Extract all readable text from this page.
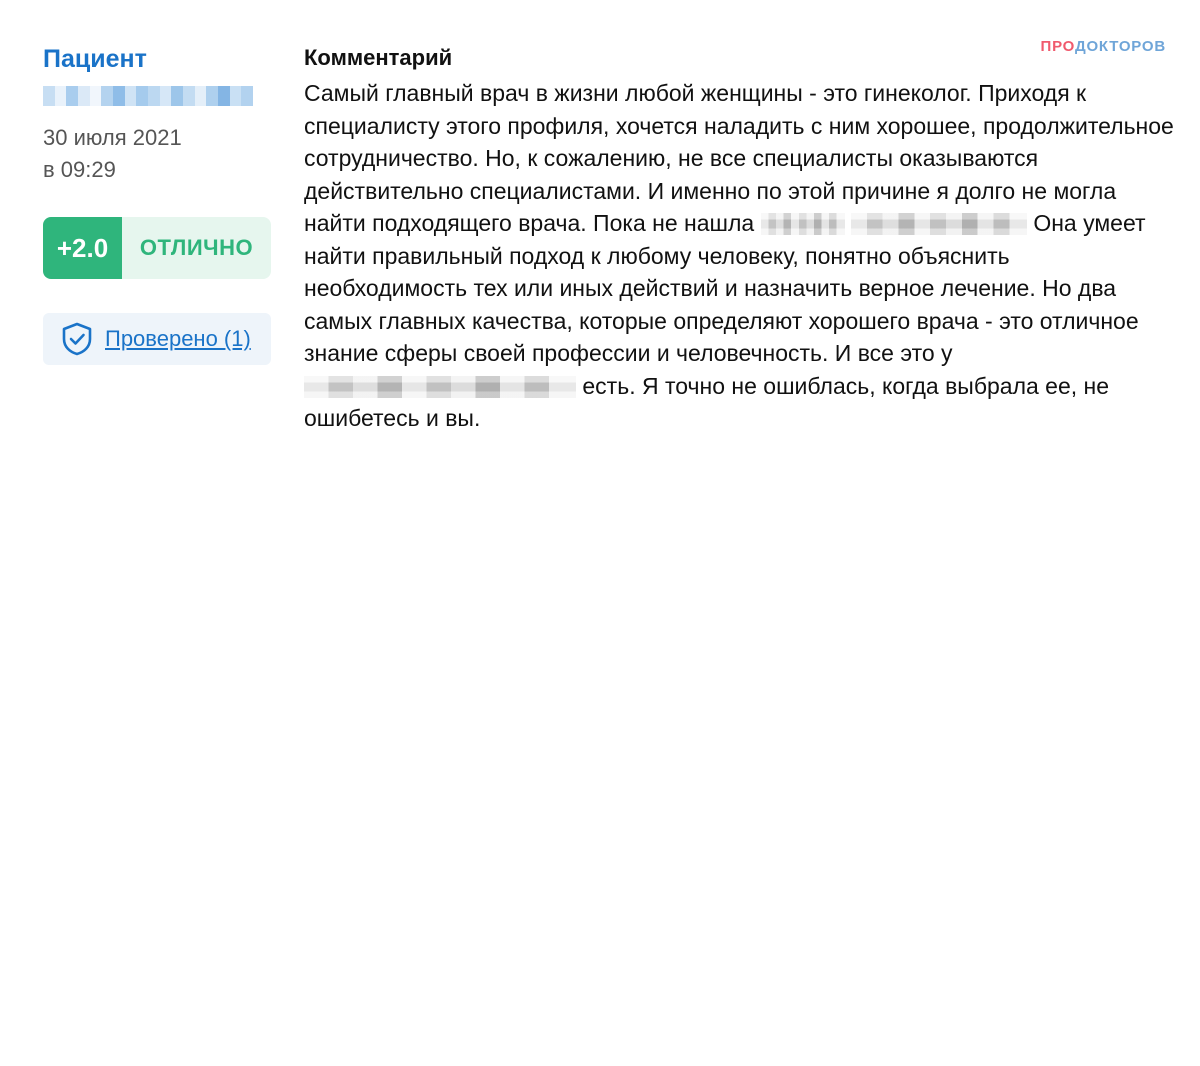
Пациент
30 июля 2021
в 09:29
+2.0	ОТЛИЧНО
Проверено (1)
ПРОДОКТОРОВ
Комментарий

Самый главный врач в жизни любой женщины - это гинеколог. Приходя к специалисту этого профиля, хочется наладить с ним хорошее, продолжительное сотрудничество. Но, к сожалению, не все специалисты оказываются действительно специалистами. И именно по этой причине я долго не могла найти подходящего врача. Пока не нашла	Она умеет найти правильный подход к любому человеку, понятно объяснить необходимость тех или иных действий и назначить верное лечение. Но два самых главных качества, которые определяют хорошего врача - это отличное знание сферы своей профессии и человечность. И все это у есть. Я точно не ошиблась, когда выбрала ее, не ошибетесь и вы.
